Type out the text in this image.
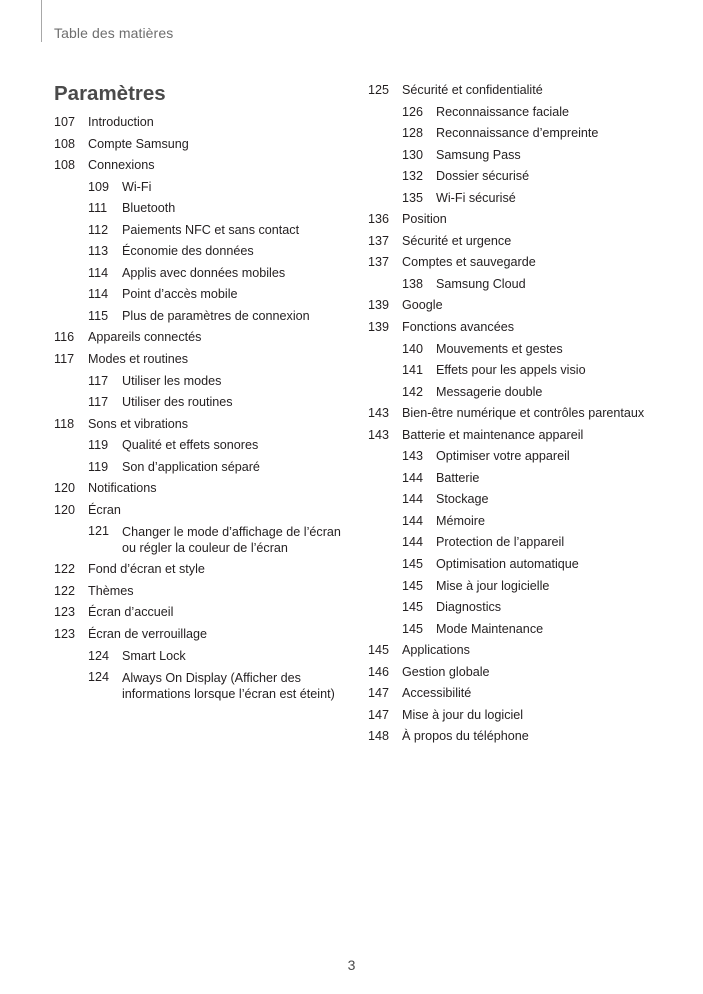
Table des matières
Paramètres
107 Introduction
108 Compte Samsung
108 Connexions
109 Wi-Fi
111 Bluetooth
112 Paiements NFC et sans contact
113 Économie des données
114 Applis avec données mobiles
114 Point d’accès mobile
115 Plus de paramètres de connexion
116 Appareils connectés
117 Modes et routines
117 Utiliser les modes
117 Utiliser des routines
118 Sons et vibrations
119 Qualité et effets sonores
119 Son d’application séparé
120 Notifications
120 Écran
121 Changer le mode d’affichage de l’écran ou régler la couleur de l’écran
122 Fond d’écran et style
122 Thèmes
123 Écran d’accueil
123 Écran de verrouillage
124 Smart Lock
124 Always On Display (Afficher des informations lorsque l’écran est éteint)
125 Sécurité et confidentialité
126 Reconnaissance faciale
128 Reconnaissance d’empreinte
130 Samsung Pass
132 Dossier sécurisé
135 Wi-Fi sécurisé
136 Position
137 Sécurité et urgence
137 Comptes et sauvegarde
138 Samsung Cloud
139 Google
139 Fonctions avancées
140 Mouvements et gestes
141 Effets pour les appels visio
142 Messagerie double
143 Bien-être numérique et contrôles parentaux
143 Batterie et maintenance appareil
143 Optimiser votre appareil
144 Batterie
144 Stockage
144 Mémoire
144 Protection de l’appareil
145 Optimisation automatique
145 Mise à jour logicielle
145 Diagnostics
145 Mode Maintenance
145 Applications
146 Gestion globale
147 Accessibilité
147 Mise à jour du logiciel
148 À propos du téléphone
3
